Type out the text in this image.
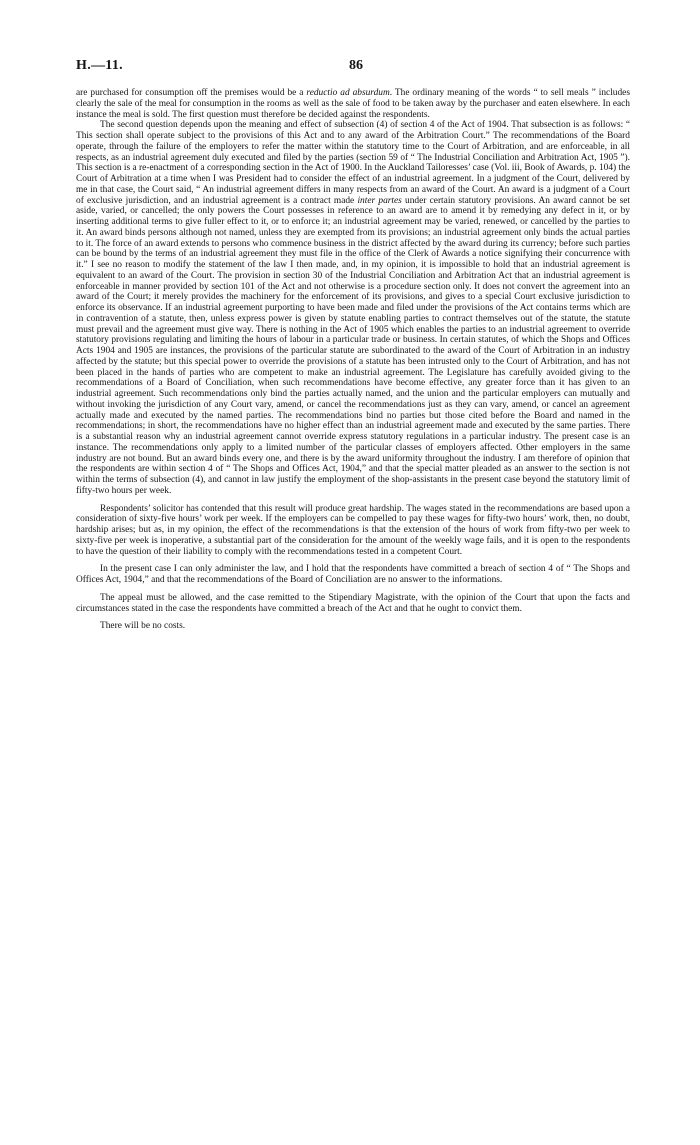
H.—11.	86

are purchased for consumption off the premises would be a reductio ad absurdum. The ordinary meaning of the words “ to sell meals ” includes clearly the sale of the meal for consumption in the rooms as well as the sale of food to be taken away by the purchaser and eaten elsewhere. In each instance the meal is sold. The first question must therefore be decided against the respondents.

The second question depends upon the meaning and effect of subsection (4) of section 4 of the Act of 1904. That subsection is as follows: “ This section shall operate subject to the provisions of this Act and to any award of the Arbitration Court.” The recommendations of the Board operate, through the failure of the employers to refer the matter within the statutory time to the Court of Arbitration, and are enforceable, in all respects, as an industrial agreement duly executed and filed by the parties (section 59 of “ The Industrial Conciliation and Arbitration Act, 1905 ”). This section is a re-enactment of a corresponding section in the Act of 1900. In the Auckland Tailoresses’ case (Vol. iii, Book of Awards, p. 104) the Court of Arbitration at a time when I was President had to consider the effect of an industrial agreement. In a judgment of the Court, delivered by me in that case, the Court said, “ An industrial agreement differs in many respects from an award of the Court. An award is a judgment of a Court of exclusive jurisdiction, and an industrial agreement is a contract made inter partes under certain statutory provisions. An award cannot be set aside, varied, or cancelled; the only powers the Court possesses in reference to an award are to amend it by remedying any defect in it, or by inserting additional terms to give fuller effect to it, or to enforce it; an industrial agreement may be varied, renewed, or cancelled by the parties to it. An award binds persons although not named, unless they are exempted from its provisions; an industrial agreement only binds the actual parties to it. The force of an award extends to persons who commence business in the district affected by the award during its currency; before such parties can be bound by the terms of an industrial agreement they must file in the office of the Clerk of Awards a notice signifying their concurrence with it.” I see no reason to modify the statement of the law I then made, and, in my opinion, it is impossible to hold that an industrial agreement is equivalent to an award of the Court. The provision in section 30 of the Industrial Conciliation and Arbitration Act that an industrial agreement is enforceable in manner provided by section 101 of the Act and not otherwise is a procedure section only. It does not convert the agreement into an award of the Court; it merely provides the machinery for the enforcement of its provisions, and gives to a special Court exclusive jurisdiction to enforce its observance. If an industrial agreement purporting to have been made and filed under the provisions of the Act contains terms which are in contravention of a statute, then, unless express power is given by statute enabling parties to contract themselves out of the statute, the statute must prevail and the agreement must give way. There is nothing in the Act of 1905 which enables the parties to an industrial agreement to override statutory provisions regulating and limiting the hours of labour in a particular trade or business. In certain statutes, of which the Shops and Offices Acts 1904 and 1905 are instances, the provisions of the particular statute are subordinated to the award of the Court of Arbitration in an industry affected by the statute; but this special power to override the provisions of a statute has been intrusted only to the Court of Arbitration, and has not been placed in the hands of parties who are competent to make an industrial agreement. The Legislature has carefully avoided giving to the recommendations of a Board of Conciliation, when such recommendations have become effective, any greater force than it has given to an industrial agreement. Such recommendations only bind the parties actually named, and the union and the particular employers can mutually and without invoking the jurisdiction of any Court vary, amend, or cancel the recommendations just as they can vary, amend, or cancel an agreement actually made and executed by the named parties. The recommendations bind no parties but those cited before the Board and named in the recommendations; in short, the recommendations have no higher effect than an industrial agreement made and executed by the same parties. There is a substantial reason why an industrial agreement cannot override express statutory regulations in a particular industry. The present case is an instance. The recommendations only apply to a limited number of the particular classes of employers affected. Other employers in the same industry are not bound. But an award binds every one, and there is by the award uniformity throughout the industry. I am therefore of opinion that the respondents are within section 4 of “ The Shops and Offices Act, 1904,” and that the special matter pleaded as an answer to the section is not within the terms of subsection (4), and cannot in law justify the employment of the shop-assistants in the present case beyond the statutory limit of fifty-two hours per week.

Respondents’ solicitor has contended that this result will produce great hardship. The wages stated in the recommendations are based upon a consideration of sixty-five hours’ work per week. If the employers can be compelled to pay these wages for fifty-two hours’ work, then, no doubt, hardship arises; but as, in my opinion, the effect of the recommendations is that the extension of the hours of work from fifty-two per week to sixty-five per week is inoperative, a substantial part of the consideration for the amount of the weekly wage fails, and it is open to the respondents to have the question of their liability to comply with the recommendations tested in a competent Court.

In the present case I can only administer the law, and I hold that the respondents have committed a breach of section 4 of “ The Shops and Offices Act, 1904,” and that the recommendations of the Board of Conciliation are no answer to the informations.

The appeal must be allowed, and the case remitted to the Stipendiary Magistrate, with the opinion of the Court that upon the facts and circumstances stated in the case the respondents have committed a breach of the Act and that he ought to convict them.

There will be no costs.
